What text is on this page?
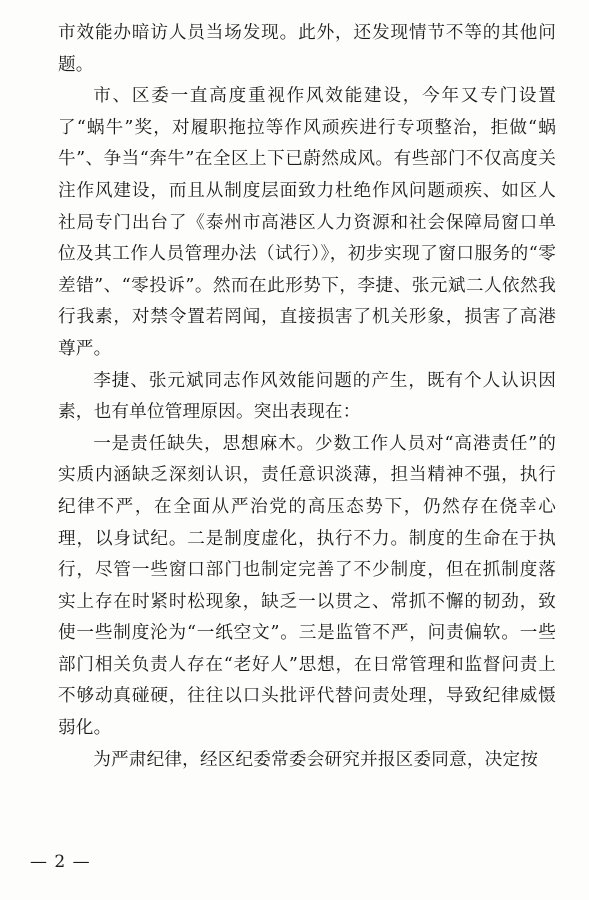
市效能办暗访人员当场发现。此外，还发现情节不等的其他问题。

市、区委一直高度重视作风效能建设，今年又专门设置了“蜗牛”奖，对履职拖拉等作风顽疾进行专项整治，拒做“蜗牛”、争当“奔牛”在全区上下已蔚然成风。有些部门不仅高度关注作风建设，而且从制度层面致力杜绝作风问题顽疾、如区人社局专门出台了《泰州市高港区人力资源和社会保障局窗口单位及其工作人员管理办法（试行）》，初步实现了窗口服务的“零差错”、“零投诉”。然而在此形势下，李捷、张元斌二人依然我行我素，对禁令置若罔闻，直接损害了机关形象，损害了高港尊严。

李捷、张元斌同志作风效能问题的产生，既有个人认识因素，也有单位管理原因。突出表现在：

一是责任缺失，思想麻木。少数工作人员对“高港责任”的实质内涵缺乏深刻认识，责任意识淡薄，担当精神不强，执行纪律不严，在全面从严治党的高压态势下，仍然存在侥幸心理，以身试纪。二是制度虚化，执行不力。制度的生命在于执行，尽管一些窗口部门也制定完善了不少制度，但在抓制度落实上存在时紧时松现象，缺乏一以贯之、常抓不懈的韧劲，致使一些制度沦为“一纸空文”。三是监管不严，问责偏软。一些部门相关负责人存在“老好人”思想，在日常管理和监督问责上不够动真碰硬，往往以口头批评代替问责处理，导致纪律威慑弱化。

为严肃纪律，经区纪委常委会研究并报区委同意，决定按

— 2 —
